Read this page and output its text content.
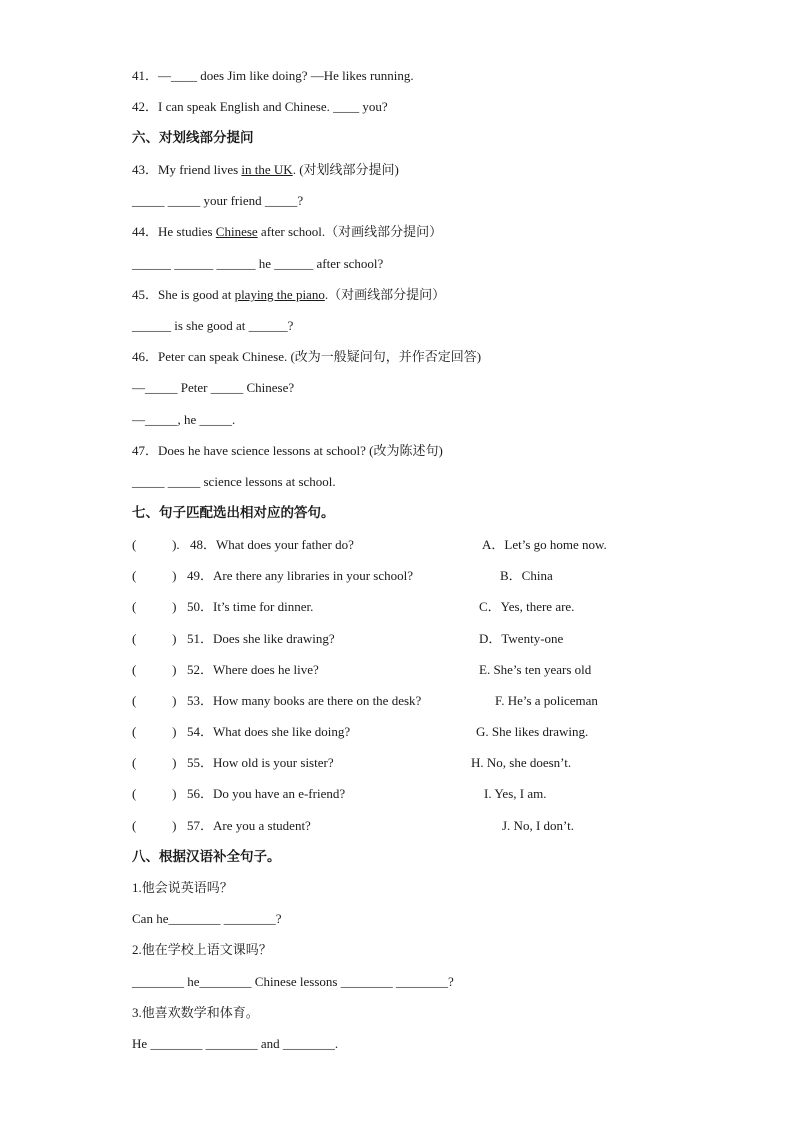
41．—____ does Jim like doing? —He likes running.
42．I can speak English and Chinese. ____ you?
六、对划线部分提问
43．My friend lives in the UK. (对划线部分提问)
_____ _____ your friend _____?
44．He studies Chinese after school.（对画线部分提问）
______ ______ ______ he ______ after school?
45．She is good at playing the piano.（对画线部分提问）
______ is she good at ______?
46．Peter can speak Chinese. (改为一般疑问句，并作否定回答)
—_____ Peter _____ Chinese?
—_____, he _____.
47．Does he have science lessons at school? (改为陈述句)
_____ _____ science lessons at school.
七、句子匹配选出相对应的答句。
(           ). 48．What does your father do?	A．Let’s go home now.
(           ) 49．Are there any libraries in your school?	B．China
(           ) 50．It’s time for dinner.	C．Yes, there are.
(           ) 51．Does she like drawing?	D．Twenty-one
(           ) 52．Where does he live?	E. She’s ten years old
(           ) 53．How many books are there on the desk?	F. He’s a policeman
(           ) 54．What does she like doing?	G. She likes drawing.
(           ) 55．How old is your sister?	H. No, she doesn’t.
(           ) 56．Do you have an e-friend?	I. Yes, I am.
(           ) 57．Are you a student?	J. No, I don’t.
八、根据汉语补全句子。
1.他会说英语吗？
Can he________ ________?
2.他在学校上语文课吗？
________ he________ Chinese lessons ________ ________?
3.他喜欢数学和体育。
He ________ ________ and ________.
